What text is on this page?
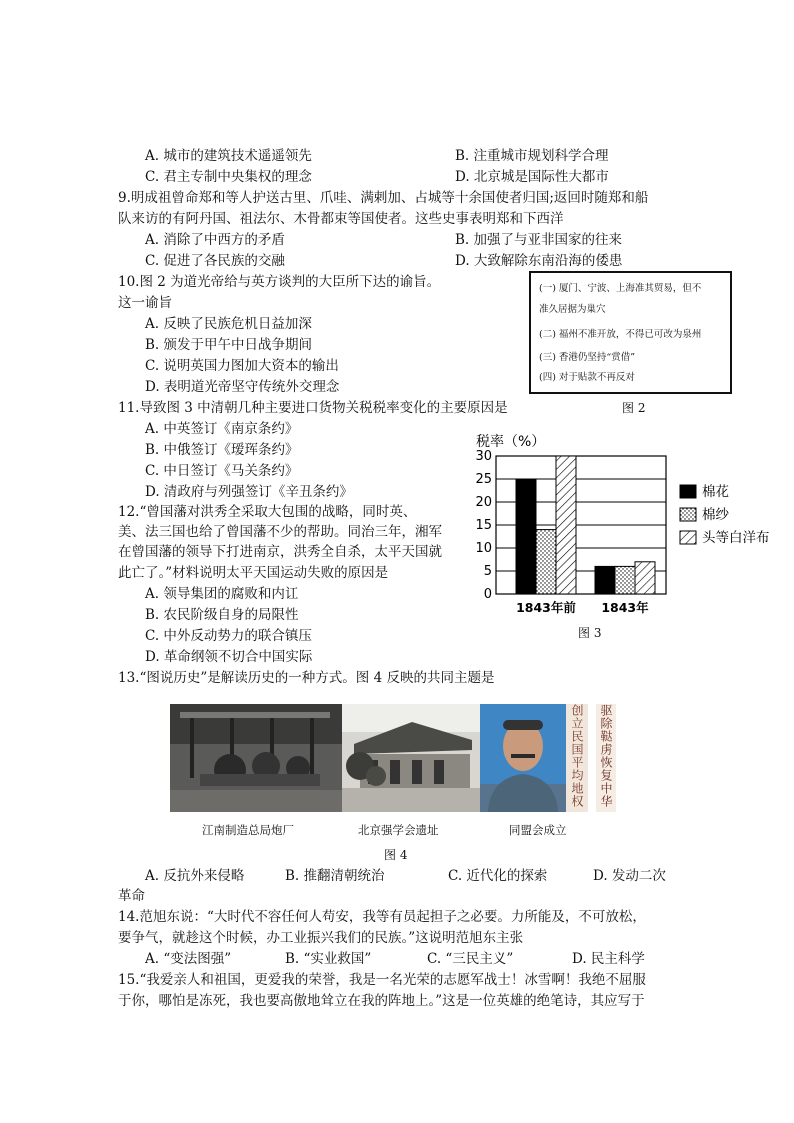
A. 城市的建筑技术遥遥领先	B. 注重城市规划科学合理
C. 君主专制中央集权的理念	D. 北京城是国际性大都市
9.明成祖曾命郑和等人护送古里、爪哇、满剌加、占城等十余国使者归国;返回时随郑和船
队来访的有阿丹国、祖法尔、木骨都束等国使者。这些史事表明郑和下西洋
A. 消除了中西方的矛盾	B. 加强了与亚非国家的往来
C. 促进了各民族的交融	D. 大致解除东南沿海的倭患
10.图 2 为道光帝给与英方谈判的大臣所下达的谕旨。
这一谕旨
A. 反映了民族危机日益加深
B. 颁发于甲午中日战争期间
C. 说明英国力图加大资本的输出
D. 表明道光帝坚守传统外交理念
(一) 厦门、宁波、上海准其贸易，但不
准久居据为巢穴
(二) 福州不准开放，不得已可改为泉州
(三) 香港仍坚持“赏借”
(四) 对于贴款不再反对
图 2
11.导致图 3 中清朝几种主要进口货物关税税率变化的主要原因是
A. 中英签订《南京条约》
B. 中俄签订《瑷珲条约》
C. 中日签订《马关条约》
D. 清政府与列强签订《辛丑条约》
税率（%）
0
5
10
15
20
25
30
1843年前 1843年
棉花
棉纱
头等白洋布
图 3
12.“曾国藩对洪秀全采取大包围的战略，同时英、
美、法三国也给了曾国藩不少的帮助。同治三年，湘军
在曾国藩的领导下打进南京，洪秀全自杀，太平天国就
此亡了。”材料说明太平天国运动失败的原因是
A. 领导集团的腐败和内讧
B. 农民阶级自身的局限性
C. 中外反动势力的联合镇压
D. 革命纲领不切合中国实际
13.“图说历史”是解读历史的一种方式。图 4 反映的共同主题是
创立民国平均地权 驱除鞑虏恢复中华
江南制造总局炮厂	北京强学会遗址	同盟会成立
图 4
A. 反抗外来侵略	B. 推翻清朝统治	C. 近代化的探索	D. 发动二次
革命
14.范旭东说：“大时代不容任何人苟安，我等有员起担子之必要。力所能及，不可放松，
要争气，就趁这个时候，办工业振兴我们的民族。”这说明范旭东主张
A. “变法图强”	B. “实业救国”	C. “三民主义”	D. 民主科学
15.“我爱亲人和祖国，更爱我的荣誉，我是一名光荣的志愿军战士！冰雪啊！我绝不屈服
于你，哪怕是冻死，我也要高傲地耸立在我的阵地上。”这是一位英雄的绝笔诗，其应写于
